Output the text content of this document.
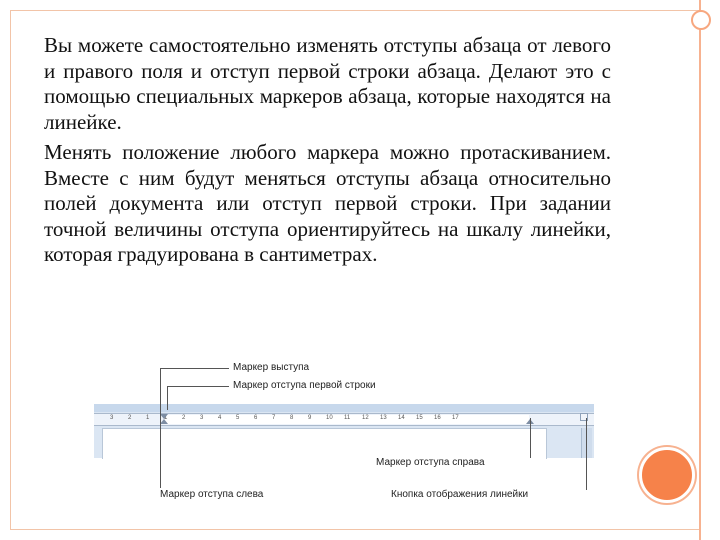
Вы можете самостоятельно изменять отступы абзаца от левого и правого поля и отступ первой строки абзаца. Делают это с помощью специальных маркеров абзаца, которые находятся на линейке.

Менять положение любого маркера можно протаскиванием. Вместе с ним будут меняться отступы абзаца относительно полей документа или отступ первой строки. При задании точной величины отступа ориентируйтесь на шкалу линейки, которая градуирована в сантиметрах.

3 2 1 1 2 3 4 5 6 7 8 9 10 11 12 13 14 15 16 17
Маркер выступа
Маркер отступа первой строки
Маркер отступа справа
Маркер отступа слева	Кнопка отображения линейки
